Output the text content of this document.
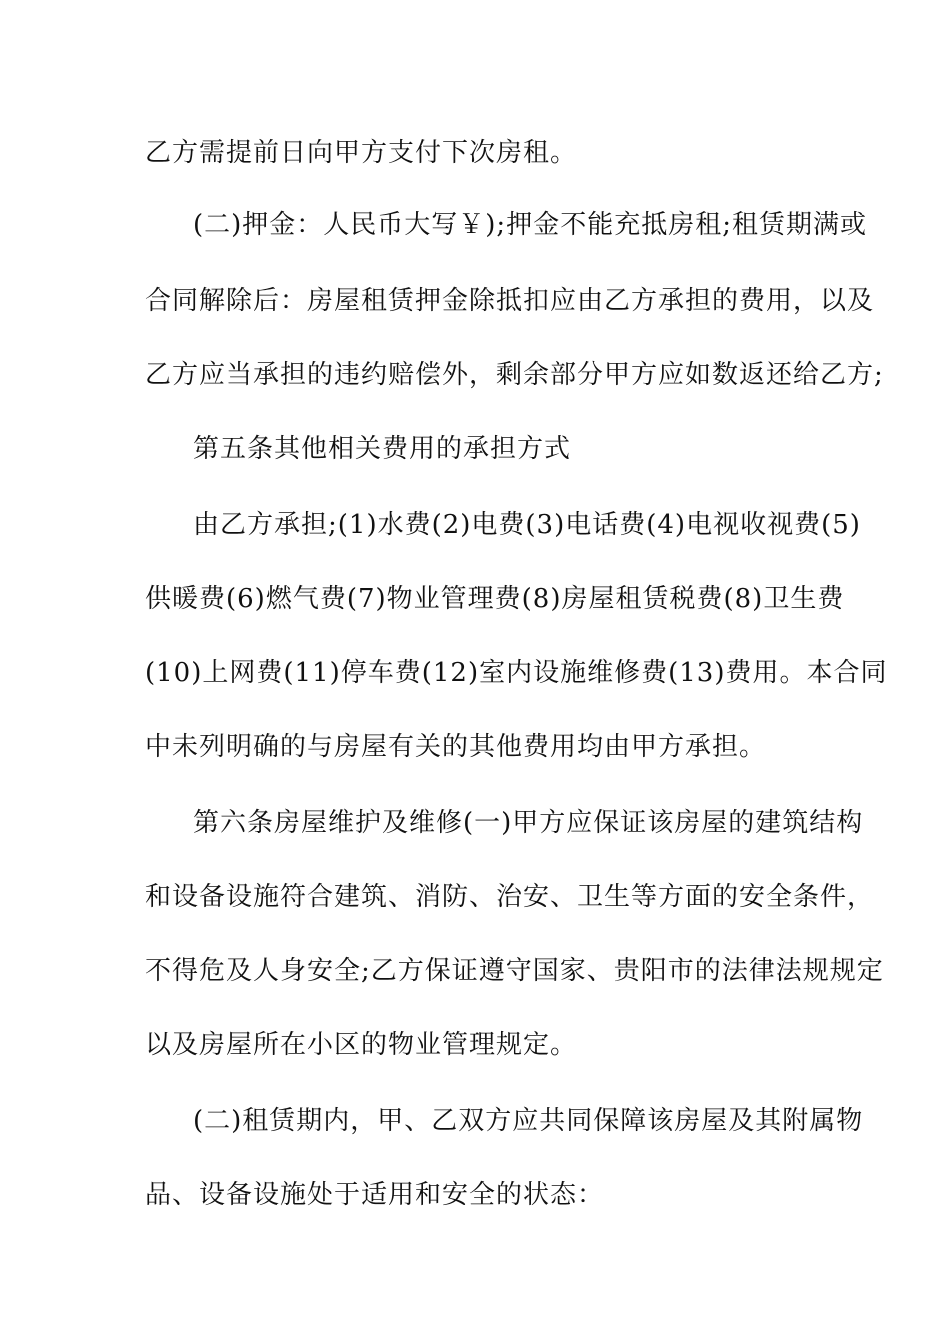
乙方需提前日向甲方支付下次房租。
(二)押金：人民币大写￥);押金不能充抵房租;租赁期满或
合同解除后：房屋租赁押金除抵扣应由乙方承担的费用，以及
乙方应当承担的违约赔偿外，剩余部分甲方应如数返还给乙方;
第五条其他相关费用的承担方式
由乙方承担;(1)水费(2)电费(3)电话费(4)电视收视费(5)
供暖费(6)燃气费(7)物业管理费(8)房屋租赁税费(8)卫生费
(10)上网费(11)停车费(12)室内设施维修费(13)费用。本合同
中未列明确的与房屋有关的其他费用均由甲方承担。
第六条房屋维护及维修(一)甲方应保证该房屋的建筑结构
和设备设施符合建筑、消防、治安、卫生等方面的安全条件，
不得危及人身安全;乙方保证遵守国家、贵阳市的法律法规规定
以及房屋所在小区的物业管理规定。
(二)租赁期内，甲、乙双方应共同保障该房屋及其附属物
品、设备设施处于适用和安全的状态：
